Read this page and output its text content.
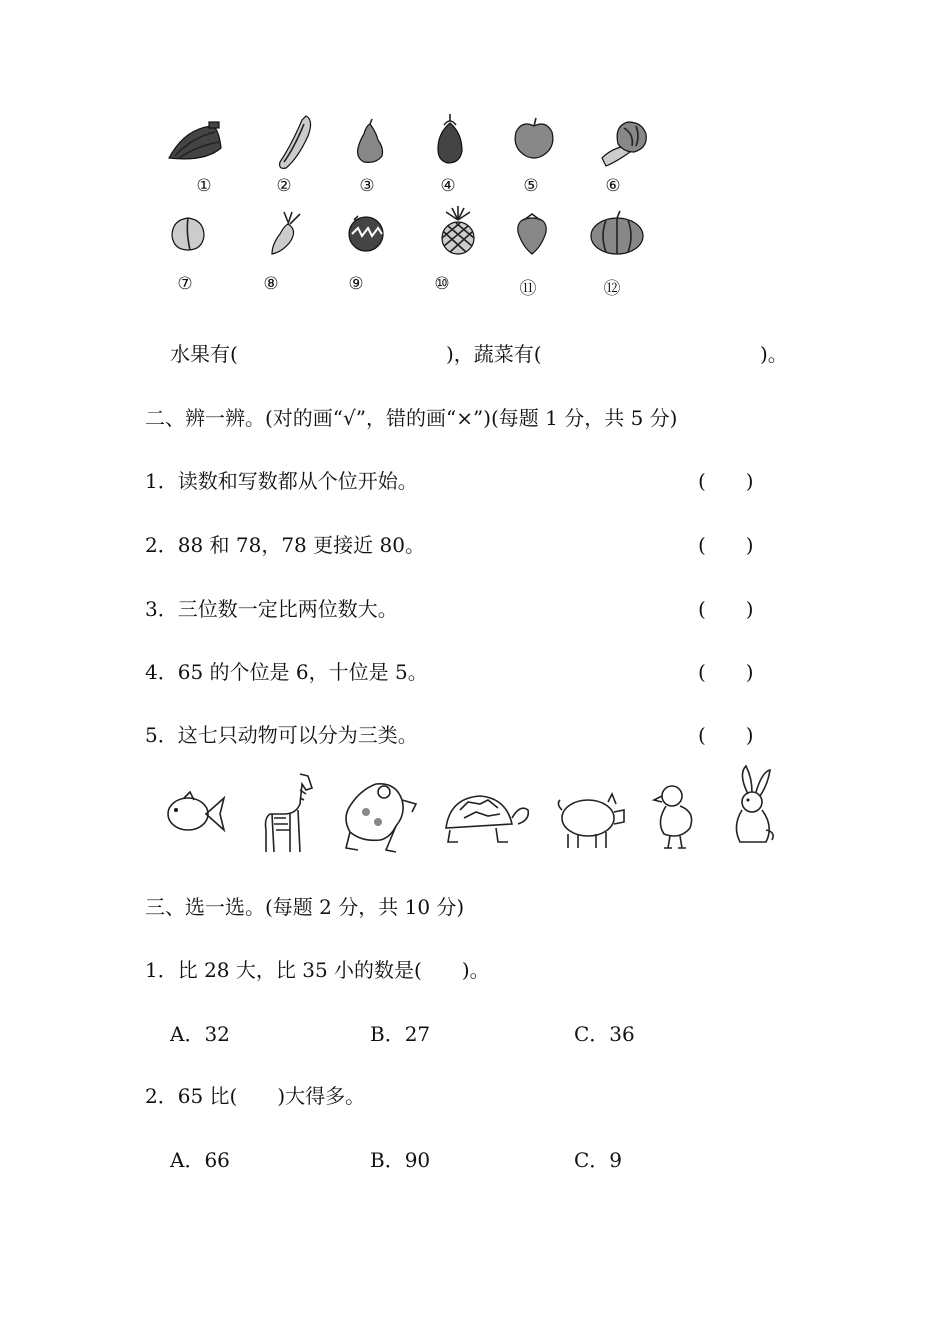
①	②	③	④	⑤	⑥
⑦	⑧	⑨	⑩	⑪	⑫
水果有(	)，蔬菜有(	)。
二、辨一辨。(对的画“√”，错的画“×”)(每题 1 分，共 5 分)
1．读数和写数都从个位开始。	(　　)
2．88 和 78，78 更接近 80。	(　　)
3．三位数一定比两位数大。	(　　)
4．65 的个位是 6，十位是 5。	(　　)
5．这七只动物可以分为三类。	(　　)
三、选一选。(每题 2 分，共 10 分)
1．比 28 大，比 35 小的数是(　　)。
A．32	B．27	C．36
2．65 比(　　)大得多。
A．66	B．90	C．9
